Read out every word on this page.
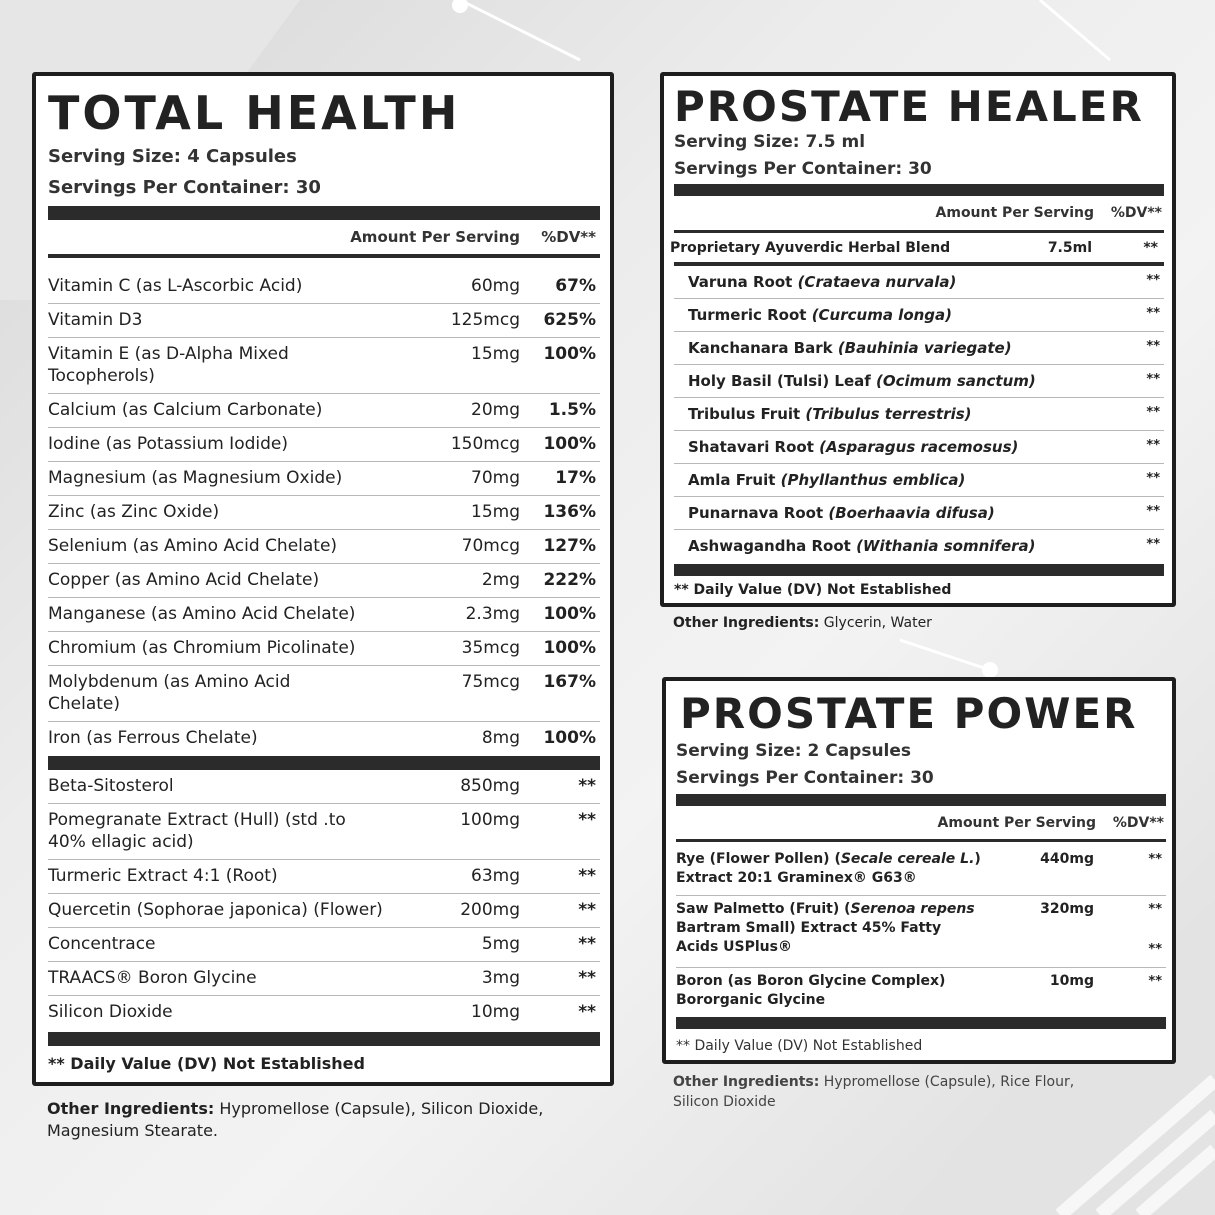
TOTAL HEALTH
Serving Size: 4 Capsules
Servings Per Container: 30
Amount Per Serving %DV**
Vitamin C (as L-Ascorbic Acid)	60mg 67%
Vitamin D3	125mcg 625%
Vitamin E (as D-Alpha Mixed
Tocopherols)
15mg 100%
Calcium (as Calcium Carbonate)	20mg 1.5%
Iodine (as Potassium Iodide)	150mcg 100%
Magnesium (as Magnesium Oxide)	70mg 17%
Zinc (as Zinc Oxide)	15mg 136%
Selenium (as Amino Acid Chelate)	70mcg 127%
Copper (as Amino Acid Chelate)	2mg 222%
Manganese (as Amino Acid Chelate)	2.3mg 100%
Chromium (as Chromium Picolinate)	35mcg 100%
Molybdenum (as Amino Acid
Chelate)
75mcg 167%
Iron (as Ferrous Chelate)	8mg 100%
Beta-Sitosterol	850mg	**
Pomegranate Extract (Hull) (std .to
40% ellagic acid)
100mg	**
Turmeric Extract 4:1 (Root)	63mg	**
Quercetin (Sophorae japonica) (Flower)	200mg	**
Concentrace	5mg	**
TRAACS® Boron Glycine	3mg	**
Silicon Dioxide	10mg	**
** Daily Value (DV) Not Established
Other Ingredients: Hypromellose (Capsule), Silicon Dioxide,
Magnesium Stearate.
PROSTATE HEALER
Serving Size: 7.5 ml
Servings Per Container: 30
Amount Per Serving %DV**
Proprietary Ayuverdic Herbal Blend	7.5ml	**
Varuna Root (Crataeva nurvala)	**
Turmeric Root (Curcuma longa)	**
Kanchanara Bark (Bauhinia variegate)	**
Holy Basil (Tulsi) Leaf (Ocimum sanctum)	**
Tribulus Fruit (Tribulus terrestris)	**
Shatavari Root (Asparagus racemosus)	**
Amla Fruit (Phyllanthus emblica)	**
Punarnava Root (Boerhaavia difusa)	**
Ashwagandha Root (Withania somnifera)	**
** Daily Value (DV) Not Established
Other Ingredients: Glycerin, Water
PROSTATE POWER
Serving Size: 2 Capsules
Servings Per Container: 30
Amount Per Serving %DV**
Rye (Flower Pollen) (Secale cereale L.)
Extract 20:1 Graminex® G63®
440mg	**
Saw Palmetto (Fruit) (Serenoa repens
Bartram Small) Extract 45% Fatty
Acids USPlus®
320mg	**
**
Boron (as Boron Glycine Complex)
Bororganic Glycine
10mg	**
** Daily Value (DV) Not Established
Other Ingredients: Hypromellose (Capsule), Rice Flour,
Silicon Dioxide
